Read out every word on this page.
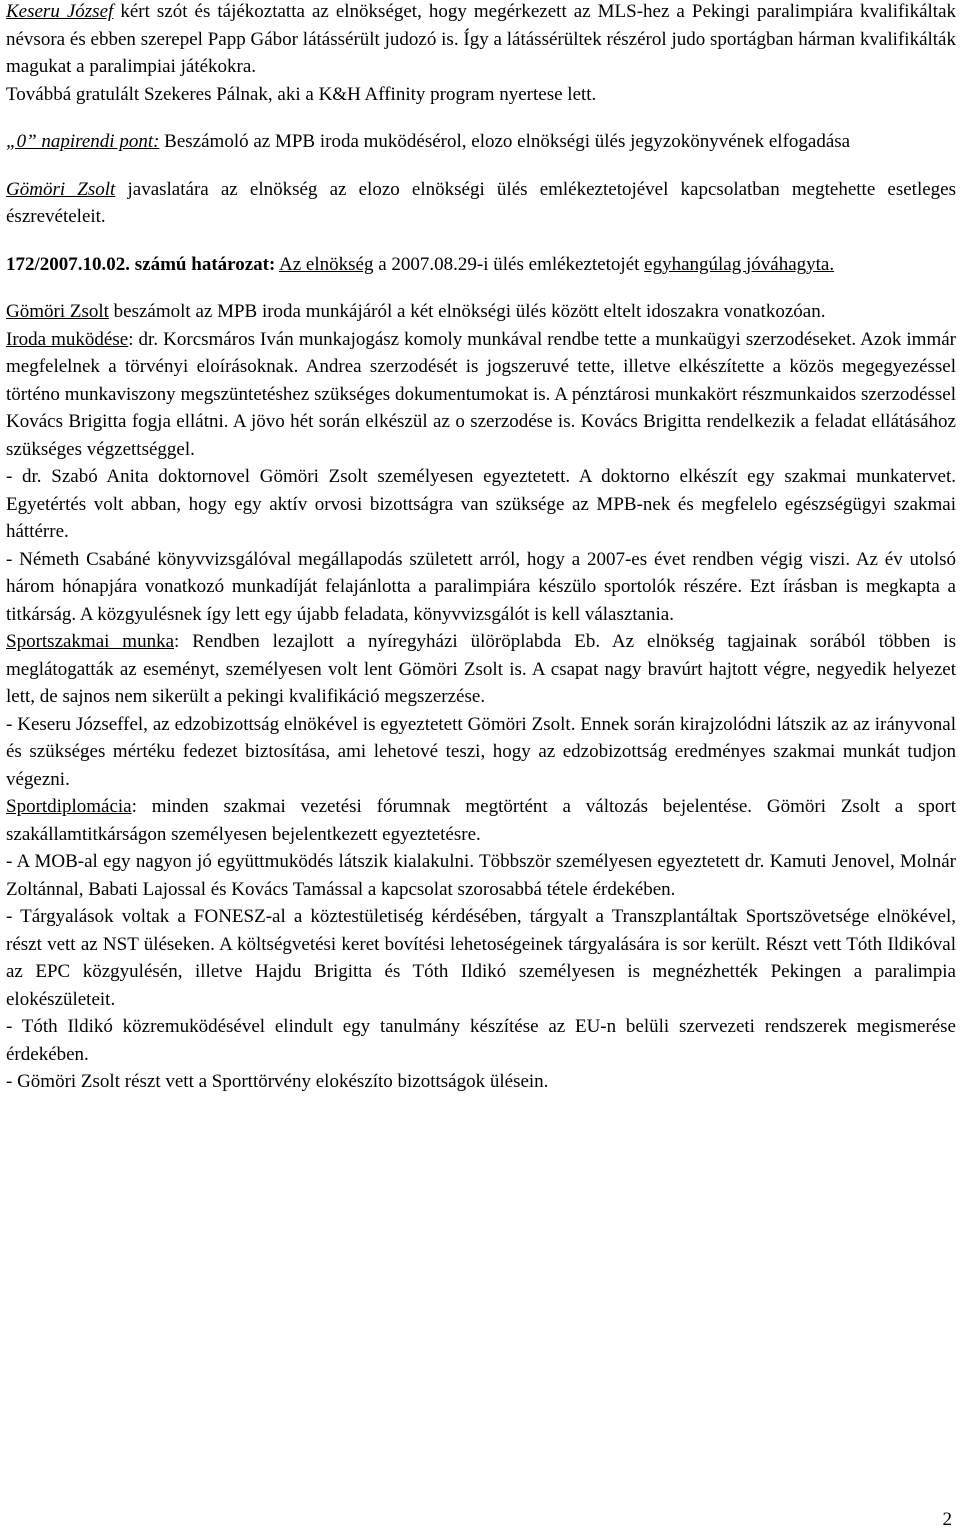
Keseru József kért szót és tájékoztatta az elnökséget, hogy megérkezett az MLS-hez a Pekingi paralimpiára kvalifikáltak névsora és ebben szerepel Papp Gábor látássérült judozó is. Így a látássérültek részérol judo sportágban hárman kvalifikálták magukat a paralimpiai játékokra.

Továbbá gratulált Szekeres Pálnak, aki a K&H Affinity program nyertese lett.

„0” napirendi pont: Beszámoló az MPB iroda muködésérol, elozo elnökségi ülés jegyzokönyvének elfogadása

Gömöri Zsolt javaslatára az elnökség az elozo elnökségi ülés emlékeztetojével kapcsolatban megtehette esetleges észrevételeit.

172/2007.10.02. számú határozat: Az elnökség a 2007.08.29-i ülés emlékeztetojét egyhangúlag jóváhagyta.

Gömöri Zsolt beszámolt az MPB iroda munkájáról a két elnökségi ülés között eltelt idoszakra vonatkozóan.

Iroda muködése: dr. Korcsmáros Iván munkajogász komoly munkával rendbe tette a munkaügyi szerzodéseket. Azok immár megfelelnek a törvényi eloírásoknak. Andrea szerzodését is jogszeruvé tette, illetve elkészítette a közös megegyezéssel történo munkaviszony megszüntetéshez szükséges dokumentumokat is. A pénztárosi munkakört részmunkaidos szerzodéssel Kovács Brigitta fogja ellátni. A jövo hét során elkészül az o szerzodése is. Kovács Brigitta rendelkezik a feladat ellátásához szükséges végzettséggel.

- dr. Szabó Anita doktornovel Gömöri Zsolt személyesen egyeztetett. A doktorno elkészít egy szakmai munkatervet. Egyetértés volt abban, hogy egy aktív orvosi bizottságra van szüksége az MPB-nek és megfelelo egészségügyi szakmai háttérre.

- Németh Csabáné könyvvizsgálóval megállapodás született arról, hogy a 2007-es évet rendben végig viszi. Az év utolsó három hónapjára vonatkozó munkadíját felajánlotta a paralimpiára készülo sportolók részére. Ezt írásban is megkapta a titkárság. A közgyulésnek így lett egy újabb feladata, könyvvizsgálót is kell választania.

Sportszakmai munka: Rendben lezajlott a nyíregyházi ülöröplabda Eb. Az elnökség tagjainak sorából többen is meglátogatták az eseményt, személyesen volt lent Gömöri Zsolt is. A csapat nagy bravúrt hajtott végre, negyedik helyezet lett, de sajnos nem sikerült a pekingi kvalifikáció megszerzése.

- Keseru Józseffel, az edzobizottság elnökével is egyeztetett Gömöri Zsolt. Ennek során kirajzolódni látszik az az irányvonal és szükséges mértéku fedezet biztosítása, ami lehetové teszi, hogy az edzobizottság eredményes szakmai munkát tudjon végezni.

Sportdiplomácia: minden szakmai vezetési fórumnak megtörtént a változás bejelentése. Gömöri Zsolt a sport szakállamtitkárságon személyesen bejelentkezett egyeztetésre.

- A MOB-al egy nagyon jó együttmuködés látszik kialakulni. Többször személyesen egyeztetett dr. Kamuti Jenovel, Molnár Zoltánnal, Babati Lajossal és Kovács Tamással a kapcsolat szorosabbá tétele érdekében.

- Tárgyalások voltak a FONESZ-al a köztestületiség kérdésében, tárgyalt a Transzplantáltak Sportszövetsége elnökével, részt vett az NST üléseken. A költségvetési keret bovítési lehetoségeinek tárgyalására is sor került. Részt vett Tóth Ildikóval az EPC közgyulésén, illetve Hajdu Brigitta és Tóth Ildikó személyesen is megnézhették Pekingen a paralimpia elokészületeit.

- Tóth Ildikó közremuködésével elindult egy tanulmány készítése az EU-n belüli szervezeti rendszerek megismerése érdekében.

- Gömöri Zsolt részt vett a Sporttörvény elokészíto bizottságok ülésein.

2
